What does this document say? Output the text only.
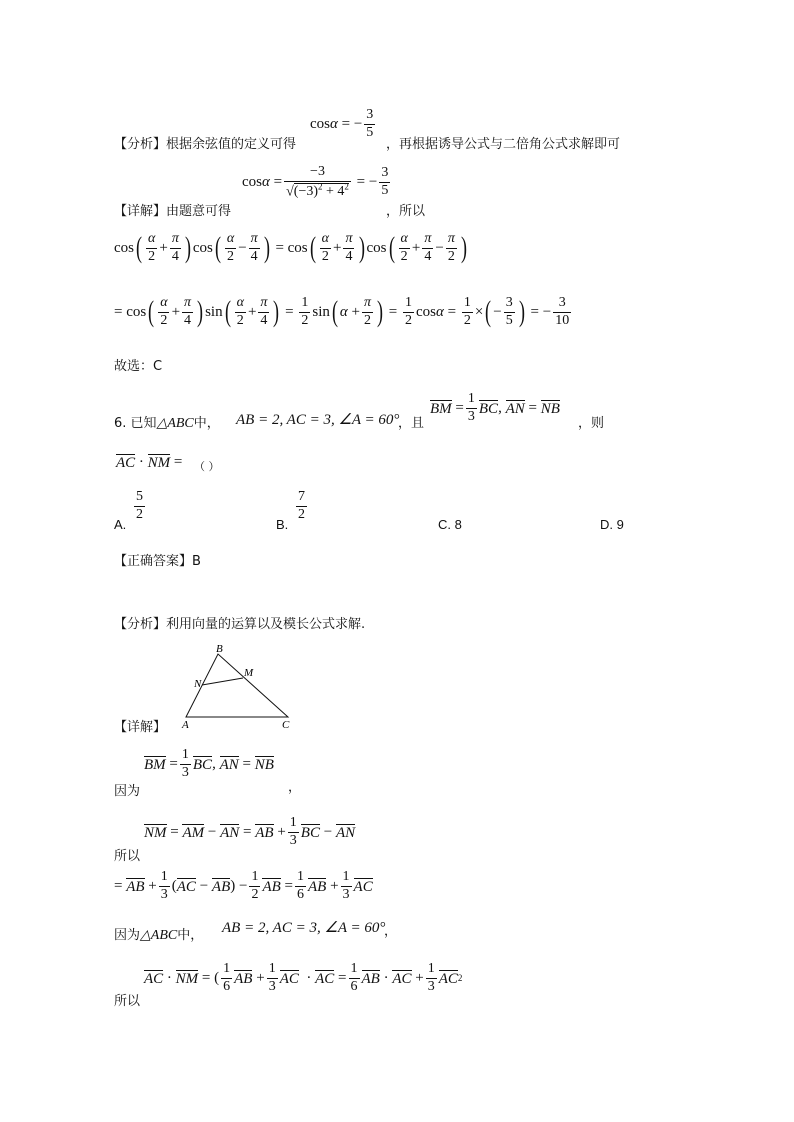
cos α = − $\frac{3}{5}$
【分析】根据余弦值的定义可得	，再根据诱导公式与二倍角公式求解即可
$\cos \alpha = \frac{-3}{√(-3)^2 + 4^2}$ = − $\frac{3}{5}$
【详解】由题意可得	，所以
cos ( $\frac{\alpha}{2} + \frac{\pi}{4}$ ) cos ( $\frac{\alpha}{2} - \frac{\pi}{4}$ ) = cos ( $\frac{\alpha}{2} + \frac{\pi}{4}$ ) cos ( $\frac{\alpha}{2} + \frac{\pi}{4} - \frac{\pi}{2}$ )
= cos ( $\frac{\alpha}{2} + \frac{\pi}{4}$ ) sin ( $\frac{\alpha}{2} + \frac{\pi}{4}$ ) = $\frac{1}{2}$ sin ( $\alpha + \frac{\pi}{2}$ ) = $\frac{1}{2}$ $\cos \alpha = \frac{1}{2}$ × ( − $\frac{3}{5}$ ) = − $\frac{3}{10}$
故选：C
6. 已知△ABC中， AB = 2, AC = 3, ∠A = 60°
，且
BM = $\frac{1}{3}$ BC , AN = NB
，则
AC · NM = （ ）
A.
$\frac{5}{2}$
B.
$\frac{7}{2}$
C. 8	D. 9
【正确答案】B
【分析】利用向量的运算以及模长公式求解.
B
M
N
A	C
【详解】
BM = $\frac{1}{3}$ BC , AN = NB
，
因为
NM = AM − AN = AB + $\frac{1}{3}$ BC − AN
所以
= AB + $\frac{1}{3}$ ( AC − AB ) − $\frac{1}{2}$ AB = $\frac{1}{6}$ AB + $\frac{1}{3}$ AC
因为△ABC中， AB = 2, AC = 3, ∠A = 60°
，
AC · NM = ( $\frac{1}{6}$ AB + $\frac{1}{3}$ AC · AC = $\frac{1}{6}$ AB · AC + $\frac{1}{3}$ AC 2
所以
